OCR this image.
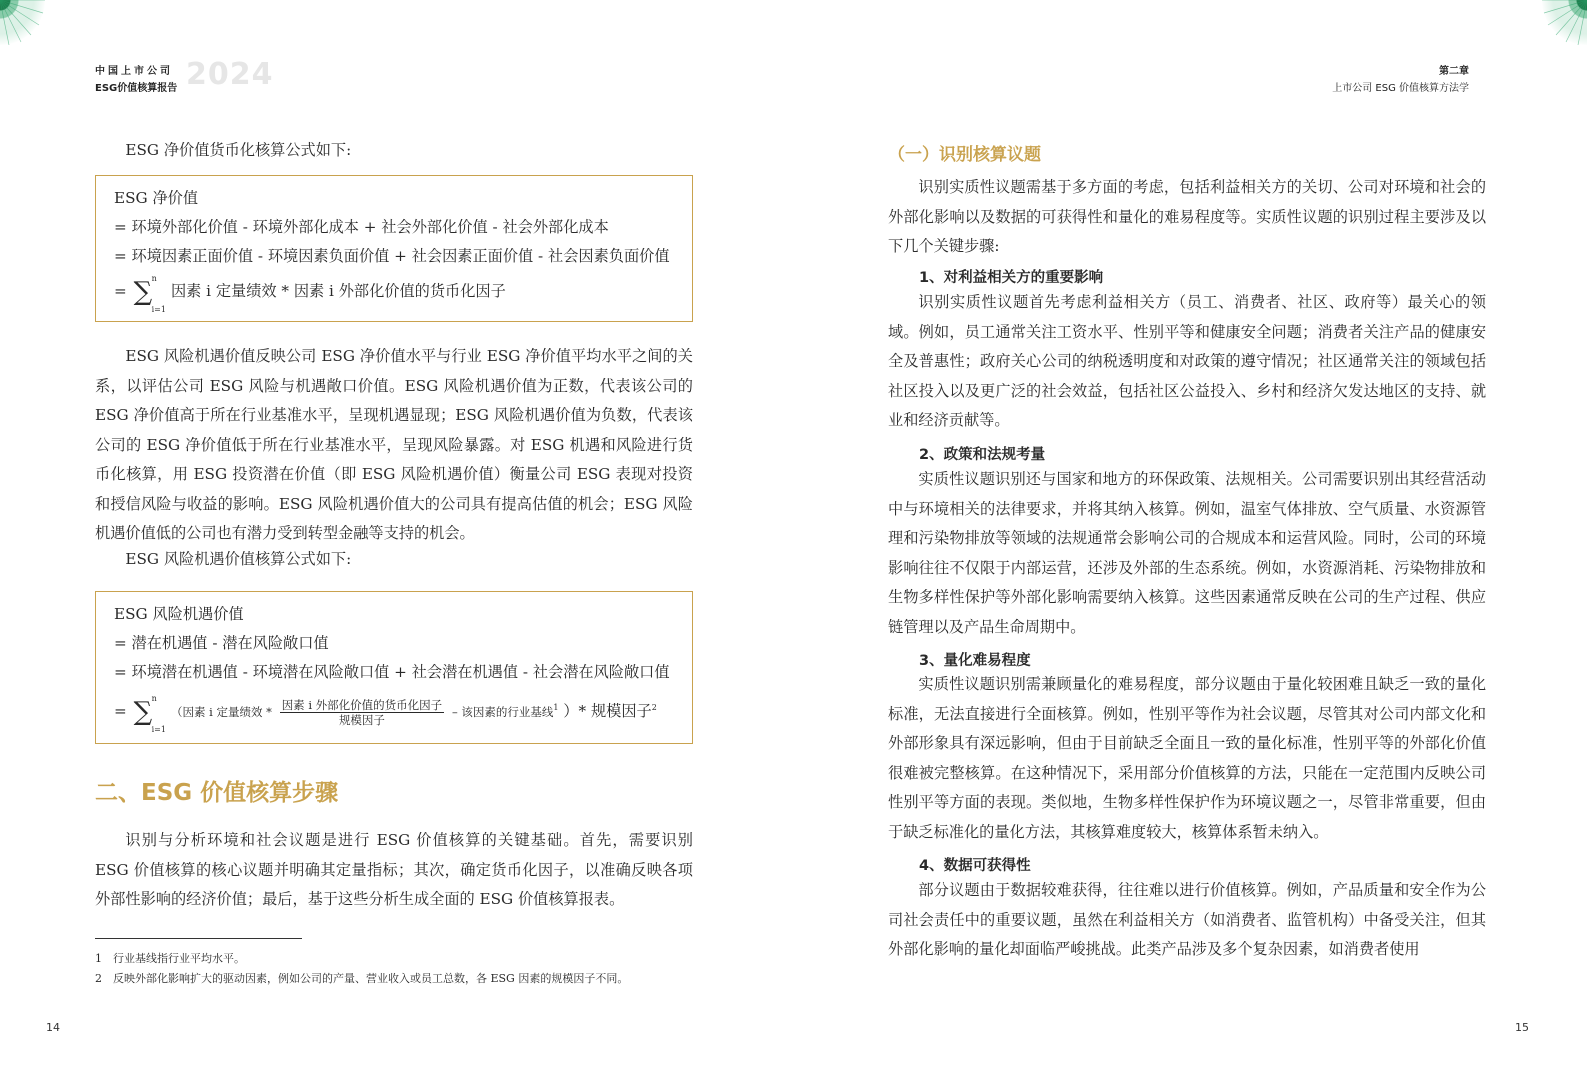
中国上市公司
ESG价值核算报告 2024
ESG 净价值货币化核算公式如下:
ESG 净价值
= 环境外部化价值 - 环境外部化成本 + 社会外部化价值 - 社会外部化成本
= 环境因素正面价值 - 环境因素负面价值 + 社会因素正面价值 - 社会因素负面价值
= ∑ n
i=1
因素 i 定量绩效 * 因素 i 外部化价值的货币化因子
ESG 风险机遇价值反映公司 ESG 净价值水平与行业 ESG 净价值平均水平之间的关系，以评估公司 ESG 风险与机遇敞口价值。ESG 风险机遇价值为正数，代表该公司的 ESG 净价值高于所在行业基准水平，呈现机遇显现；ESG 风险机遇价值为负数，代表该公司的 ESG 净价值低于所在行业基准水平，呈现风险暴露。对 ESG 机遇和风险进行货币化核算，用 ESG 投资潜在价值（即 ESG 风险机遇价值）衡量公司 ESG 表现对投资和授信风险与收益的影响。ESG 风险机遇价值大的公司具有提高估值的机会；ESG 风险机遇价值低的公司也有潜力受到转型金融等支持的机会。
ESG 风险机遇价值核算公式如下:
ESG 风险机遇价值
= 潜在机遇值 - 潜在风险敞口值
= 环境潜在机遇值 - 环境潜在风险敞口值 + 社会潜在机遇值 - 社会潜在风险敞口值
= ∑ n
i=1
（因素 i 定量绩效 * $\frac{\text{因素 i 外部化价值的货币化因子}}{\text{规模因子}}$ – 该因素的行业基线$^1$ ）* 规模因子$^2$
二、ESG 价值核算步骤
识别与分析环境和社会议题是进行 ESG 价值核算的关键基础。首先，需要识别 ESG 价值核算的核心议题并明确其定量指标；其次，确定货币化因子，以准确反映各项外部性影响的经济价值；最后，基于这些分析生成全面的 ESG 价值核算报表。
1 行业基线指行业平均水平。
2 反映外部化影响扩大的驱动因素，例如公司的产量、营业收入或员工总数，各 ESG 因素的规模因子不同。
14
第二章
上市公司 ESG 价值核算方法学
（一）识别核算议题
识别实质性议题需基于多方面的考虑，包括利益相关方的关切、公司对环境和社会的外部化影响以及数据的可获得性和量化的难易程度等。实质性议题的识别过程主要涉及以下几个关键步骤:
1、对利益相关方的重要影响
识别实质性议题首先考虑利益相关方（员工、消费者、社区、政府等）最关心的领域。例如，员工通常关注工资水平、性别平等和健康安全问题；消费者关注产品的健康安全及普惠性；政府关心公司的纳税透明度和对政策的遵守情况；社区通常关注的领域包括社区投入以及更广泛的社会效益，包括社区公益投入、乡村和经济欠发达地区的支持、就业和经济贡献等。
2、政策和法规考量
实质性议题识别还与国家和地方的环保政策、法规相关。公司需要识别出其经营活动中与环境相关的法律要求，并将其纳入核算。例如，温室气体排放、空气质量、水资源管理和污染物排放等领域的法规通常会影响公司的合规成本和运营风险。同时，公司的环境影响往往不仅限于内部运营，还涉及外部的生态系统。例如，水资源消耗、污染物排放和生物多样性保护等外部化影响需要纳入核算。这些因素通常反映在公司的生产过程、供应链管理以及产品生命周期中。
3、量化难易程度
实质性议题识别需兼顾量化的难易程度，部分议题由于量化较困难且缺乏一致的量化标准，无法直接进行全面核算。例如，性别平等作为社会议题，尽管其对公司内部文化和外部形象具有深远影响，但由于目前缺乏全面且一致的量化标准，性别平等的外部化价值很难被完整核算。在这种情况下，采用部分价值核算的方法，只能在一定范围内反映公司性别平等方面的表现。类似地，生物多样性保护作为环境议题之一，尽管非常重要，但由于缺乏标准化的量化方法，其核算难度较大，核算体系暂未纳入。
4、数据可获得性
部分议题由于数据较难获得，往往难以进行价值核算。例如，产品质量和安全作为公司社会责任中的重要议题，虽然在利益相关方（如消费者、监管机构）中备受关注，但其外部化影响的量化却面临严峻挑战。此类产品涉及多个复杂因素，如消费者使用
15
